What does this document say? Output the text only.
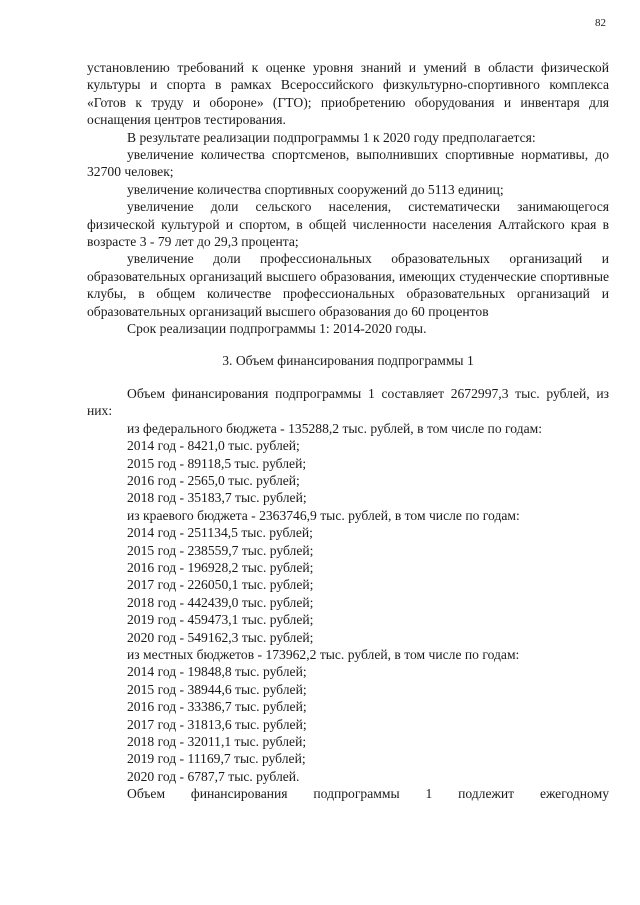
82

установлению требований к оценке уровня знаний и умений в области физической культуры и спорта в рамках Всероссийского физкультурно-спортивного комплекса «Готов к труду и обороне» (ГТО); приобретению оборудования и инвентаря для оснащения центров тестирования.

В результате реализации подпрограммы 1 к 2020 году предполагается:

увеличение количества спортсменов, выполнивших спортивные нормативы, до 32700 человек;

увеличение количества спортивных сооружений до 5113 единиц;

увеличение доли сельского населения, систематически занимающегося физической культурой и спортом, в общей численности населения Алтайского края в возрасте 3 - 79 лет до 29,3 процента;

увеличение доли профессиональных образовательных организаций и образовательных организаций высшего образования, имеющих студенческие спортивные клубы, в общем количестве профессиональных образовательных организаций и образовательных организаций высшего образования до 60 процентов

Срок реализации подпрограммы 1: 2014-2020 годы.

3. Объем финансирования подпрограммы 1

Объем финансирования подпрограммы 1 составляет 2672997,3 тыс. рублей, из них:

из федерального бюджета - 135288,2 тыс. рублей, в том числе по годам:

2014 год - 8421,0 тыс. рублей;

2015 год - 89118,5 тыс. рублей;

2016 год - 2565,0 тыс. рублей;

2018 год - 35183,7 тыс. рублей;

из краевого бюджета - 2363746,9 тыс. рублей, в том числе по годам:

2014 год - 251134,5 тыс. рублей;

2015 год - 238559,7 тыс. рублей;

2016 год - 196928,2 тыс. рублей;

2017 год - 226050,1 тыс. рублей;

2018 год - 442439,0 тыс. рублей;

2019 год - 459473,1 тыс. рублей;

2020 год - 549162,3 тыс. рублей;

из местных бюджетов - 173962,2 тыс. рублей, в том числе по годам:

2014 год - 19848,8 тыс. рублей;

2015 год - 38944,6 тыс. рублей;

2016 год - 33386,7 тыс. рублей;

2017 год - 31813,6 тыс. рублей;

2018 год - 32011,1 тыс. рублей;

2019 год - 11169,7 тыс. рублей;

2020 год - 6787,7 тыс. рублей.

Объем финансирования подпрограммы 1 подлежит ежегодному
